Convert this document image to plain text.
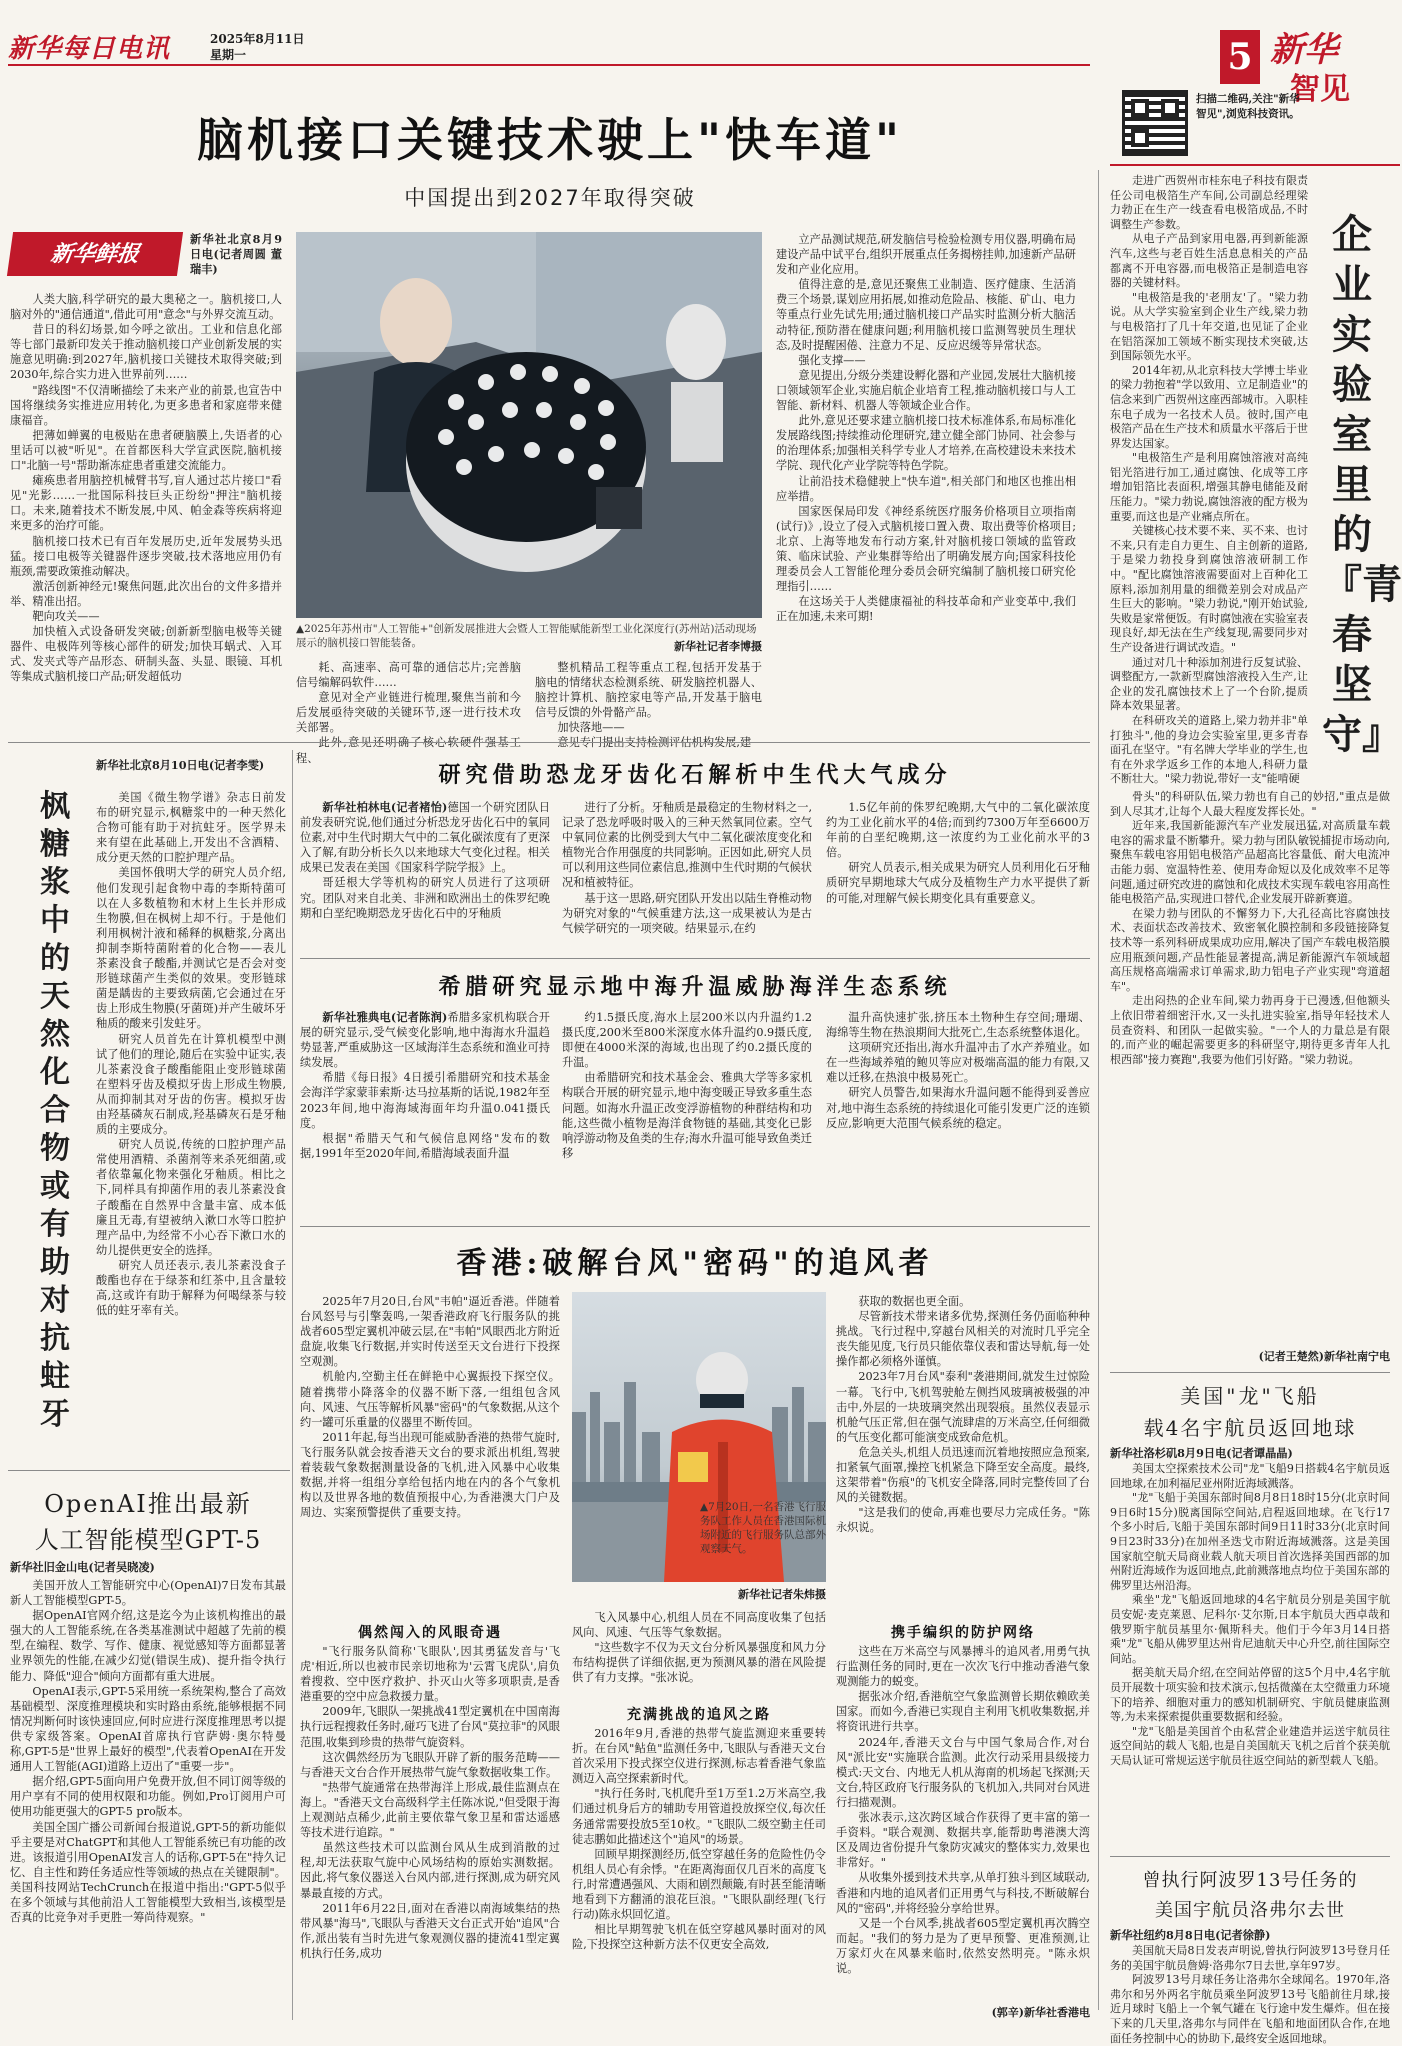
新华每日电讯	2025年8月11日
星期一	5 新华
智见
扫描二维码,关注"新华智见",浏览科技资讯。
脑机接口关键技术驶上"快车道"
中国提出到2027年取得突破
新华鲜报
新华社北京8月9日电(记者周圆 董瑞丰)

人类大脑,科学研究的最大奥秘之一。脑机接口,人脑对外的"通信通道",借此可用"意念"与外界交流互动。

昔日的科幻场景,如今呼之欲出。工业和信息化部等七部门最新印发关于推动脑机接口产业创新发展的实施意见明确:到2027年,脑机接口关键技术取得突破;到2030年,综合实力进入世界前列……

"路线图"不仅清晰描绘了未来产业的前景,也宣告中国将继续务实推进应用转化,为更多患者和家庭带来健康福音。

把薄如蝉翼的电极贴在患者硬脑膜上,失语者的心里话可以被"听见"。在首都医科大学宣武医院,脑机接口"北脑一号"帮助渐冻症患者重建交流能力。

瘫痪患者用脑控机械臂书写,盲人通过芯片接口"看见"光影……一批国际科技巨头正纷纷"押注"脑机接口。未来,随着技术不断发展,中风、帕金森等疾病将迎来更多的治疗可能。

脑机接口技术已有百年发展历史,近年发展势头迅猛。接口电极等关键器件逐步突破,技术落地应用仍有瓶颈,需要政策推动解决。

激活创新神经元!聚焦问题,此次出台的文件多措并举、精准出招。

靶向攻关——

加快植入式设备研发突破;创新新型脑电极等关键器件、电极阵列等核心部件的研发;加快耳蜗式、入耳式、发夹式等产品形态、研制头盔、头显、眼镜、耳机等集成式脑机接口产品;研发超低功

▲2025年苏州市"人工智能+"创新发展推进大会暨人工智能赋能新型工业化深度行(苏州站)活动现场展示的脑机接口智能装备。	新华社记者李博摄

耗、高速率、高可靠的通信芯片;完善脑信号编解码软件……

意见对全产业链进行梳理,聚焦当前和今后发展亟待突破的关键环节,逐一进行技术攻关部署。

程、

整机精品工程等重点工程,包括开发基于脑电的情绪状态检测系统、研发脑控机器人、脑控计算机、脑控家电等产品,开发基于脑电信号反馈的外骨骼产品。

加快落地——

立产品测试规范,研发脑信号检验检测专用仪器,明确布局建设产品中试平台,组织开展重点任务揭榜挂帅,加速新产品研发和产业化应用。

值得注意的是,意见还聚焦工业制造、医疗健康、生活消费三个场景,谋划应用拓展,如推动危险品、核能、矿山、电力等重点行业先试先用;通过脑机接口产品实时监测分析大脑活动特征,预防潜在健康问题;利用脑机接口监测驾驶员生理状态,及时提醒困倦、注意力不足、反应迟缓等异常状态。

强化支撑——

意见提出,分级分类建设孵化器和产业园,发展壮大脑机接口领域领军企业,实施启航企业培育工程,推动脑机接口与人工智能、新材料、机器人等领域企业合作。

此外,意见还要求建立脑机接口技术标准体系,布局标准化发展路线图;持续推动伦理研究,建立健全部门协同、社会参与的治理体系;加强相关科学专业人才培养,在高校建设未来技术学院、现代化产业学院等特色学院。

让前沿技术稳健驶上"快车道",相关部门和地区也推出相应举措。

国家医保局印发《神经系统医疗服务价格项目立项指南(试行)》,设立了侵入式脑机接口置入费、取出费等价格项目;北京、上海等地发布行动方案,针对脑机接口领域的监管政策、临床试验、产业集群等给出了明确发展方向;国家科技伦理委员会人工智能伦理分委员会研究编制了脑机接口研究伦理指引……

在这场关于人类健康福祉的科技革命和产业变革中,我们正在加速,未来可期!

企业实验室里的『青春坚守』

走进广西贺州市桂东电子科技有限责任公司电极箔生产车间,公司副总经理梁力勃正在生产一线查看电极箔成品,不时调整生产参数。

从电子产品到家用电器,再到新能源汽车,这些与老百姓生活息息相关的产品都离不开电容器,而电极箔正是制造电容器的关键材料。

"电极箔是我的'老朋友'了。"梁力勃说。从大学实验室到企业生产线,梁力勃与电极箔打了几十年交道,也见证了企业在铝箔深加工领域不断实现技术突破,达到国际领先水平。

2014年初,从北京科技大学博士毕业的梁力勃抱着"学以致用、立足制造业"的信念来到广西贺州这座西部城市。入职桂东电子成为一名技术人员。彼时,国产电极箔产品在生产技术和质量水平落后于世界发达国家。

"电极箔生产是利用腐蚀溶液对高纯铝光箔进行加工,通过腐蚀、化成等工序增加铝箔比表面积,增强其静电储能及耐压能力。"梁力勃说,腐蚀溶液的配方极为重要,而这也是产业痛点所在。

关键核心技术要不来、买不来、也讨不来,只有走自力更生、自主创新的道路,于是梁力勃投身到腐蚀溶液研制工作中。"配比腐蚀溶液需要面对上百种化工原料,添加剂用量的细微差别会对成品产生巨大的影响。"梁力勃说,"刚开始试验,失败是家常便饭。有时腐蚀液在实验室表现良好,却无法在生产线复现,需要同步对生产设备进行调试改造。"

通过对几十种添加剂进行反复试验、调整配方,一款新型腐蚀溶液投入生产,让企业的发孔腐蚀技术上了一个台阶,提质降本效果显著。

在科研攻关的道路上,梁力勃并非"单打独斗",他的身边会实验室里,更多青春面孔在坚守。"有名牌大学毕业的学生,也有在外求学返乡工作的本地人,科研力量不断壮大。"梁力勃说,带好一支"能啃硬

骨头"的科研队伍,梁力勃也有自己的妙招,"重点是做到人尽其才,让每个人最大程度发挥长处。"

近年来,我国新能源汽车产业发展迅猛,对高质量车载电容的需求量不断攀升。梁力勃与团队敏锐捕捉市场动向,聚焦车载电容用铝电极箔产品超高比容量低、耐大电流冲击能力弱、宽温特性差、使用寿命短以及化成效率不足等问题,通过研究改进的腐蚀和化成技术实现车载电容用高性能电极箔产品,实现进口替代,企业发展开辟新赛道。

在梁力勃与团队的不懈努力下,大孔径高比容腐蚀技术、表面状态改善技术、致密氧化膜控制和多段链接降复技术等一系列科研成果成功应用,解决了国产车载电极箔膜应用瓶颈问题,产品性能显著提高,满足新能源汽车领域超高压规格高端需求订单需求,助力铝电子产业实现"弯道超车"。

走出闷热的企业车间,梁力勃再身于已漫透,但他额头上依旧带着细密汗水,又一头扎进实验室,指导年轻技术人员查资料、和团队一起做实验。"一个人的力量总是有限的,而产业的崛起需要更多的科研坚守,期待更多青年人扎根西部"接力赛跑",我要为他们引好路。"梁力勃说。

(记者王楚然)新华社南宁电
枫糖浆中的天然化合物或有助对抗蛀牙
新华社北京8月10日电(记者李雯)

美国《微生物学谱》杂志日前发布的研究显示,枫糖浆中的一种天然化合物可能有助于对抗蛀牙。医学界未来有望在此基础上,开发出不含酒精、成分更天然的口腔护理产品。

美国怀俄明大学的研究人员介绍,他们发现引起食物中毒的李斯特菌可以在人多数植物和木材上生长并形成生物膜,但在枫树上却不行。于是他们利用枫树汁液和稀释的枫糖浆,分离出抑制李斯特菌附着的化合物——表儿茶素没食子酸酯,并测试它是否会对变形链球菌产生类似的效果。变形链球菌是龋齿的主要致病菌,它会通过在牙齿上形成生物膜(牙菌斑)并产生破坏牙釉质的酸来引发蛀牙。

研究人员首先在计算机模型中测试了他们的理论,随后在实验中证实,表儿茶素没食子酸酯能阻止变形链球菌在塑料牙齿及模拟牙齿上形成生物膜,从而抑制其对牙齿的伤害。模拟牙齿由羟基磷灰石制成,羟基磷灰石是牙釉质的主要成分。

研究人员说,传统的口腔护理产品常使用酒精、杀菌剂等来杀死细菌,或者依靠氟化物来强化牙釉质。相比之下,同样具有抑菌作用的表儿茶素没食子酸酯在自然界中含量丰富、成本低廉且无毒,有望被纳入漱口水等口腔护理产品中,为经常不小心吞下漱口水的幼儿提供更安全的选择。

研究人员还表示,表儿茶素没食子酸酯也存在于绿茶和红茶中,且含量较高,这或许有助于解释为何喝绿茶与较低的蛀牙率有关。

OpenAI推出最新
人工智能模型GPT-5
新华社旧金山电(记者吴晓凌)

美国开放人工智能研究中心(OpenAI)7日发布其最新人工智能模型GPT-5。

据OpenAI官网介绍,这是迄今为止该机构推出的最强大的人工智能系统,在各类基准测试中超越了先前的模型,在编程、数学、写作、健康、视觉感知等方面都显著业界领先的性能,在减少幻觉(错误生成)、提升指令执行能力、降低"迎合"倾向方面都有重大进展。

OpenAI表示,GPT-5采用统一系统架构,整合了高效基础模型、深度推理模块和实时路由系统,能够根据不同情况判断何时该快速回应,何时应进行深度推理思考以提供专家级答案。OpenAI首席执行官萨姆·奥尔特曼称,GPT-5是"世界上最好的模型",代表着OpenAI在开发通用人工智能(AGI)道路上迈出了"重要一步"。

据介绍,GPT-5面向用户免费开放,但不同订阅等级的用户享有不同的使用权限和功能。例如,Pro订阅用户可使用功能更强大的GPT-5 pro版本。

美国全国广播公司新闻台报道说,GPT-5的新功能似乎主要是对ChatGPT和其他人工智能系统已有功能的改进。该报道引用OpenAI发言人的话称,GPT-5在"持久记忆、自主性和跨任务适应性等领域的热点在关键限制"。美国科技网站TechCrunch在报道中指出:"GPT-5似乎在多个领域与其他前沿人工智能模型大致相当,该模型是否真的比竞争对手更胜一筹尚待观察。"

研究借助恐龙牙齿化石解析中生代大气成分

新华社柏林电(记者褚怡)德国一个研究团队日前发表研究说,他们通过分析恐龙牙齿化石中的氧同位素,对中生代时期大气中的二氧化碳浓度有了更深入了解,有助分析长久以来地球大气变化过程。相关成果已发表在美国《国家科学院学报》上。

哥廷根大学等机构的研究人员进行了这项研究。团队对来自北美、非洲和欧洲出土的侏罗纪晚期和白垩纪晚期恐龙牙齿化石中的牙釉质

进行了分析。牙釉质是最稳定的生物材料之一,记录了恐龙呼吸时吸入的三种天然氧同位素。空气中氧同位素的比例受到大气中二氧化碳浓度变化和植物光合作用强度的共同影响。正因如此,研究人员可以利用这些同位素信息,推测中生代时期的气候状况和植被特征。

基于这一思路,研究团队开发出以陆生脊椎动物为研究对象的"气候重建方法,这一成果被认为是古气候学研究的一项突破。结果显示,在约

1.5亿年前的侏罗纪晚期,大气中的二氧化碳浓度约为工业化前水平的4倍;而到约7300万年至6600万年前的白垩纪晚期,这一浓度约为工业化前水平的3倍。

研究人员表示,相关成果为研究人员利用化石牙釉质研究早期地球大气成分及植物生产力水平提供了新的可能,对理解气候长期变化具有重要意义。

希腊研究显示地中海升温威胁海洋生态系统

新华社雅典电(记者陈润)希腊多家机构联合开展的研究显示,受气候变化影响,地中海海水升温趋势显著,严重威胁这一区域海洋生态系统和渔业可持续发展。

希腊《每日报》4日援引希腊研究和技术基金会海洋学家蒙菲索斯·达马拉基斯的话说,1982年至2023年间,地中海海域海面年均升温0.041摄氏度。

根据"希腊天气和气候信息网络"发布的数据,1991年至2020年间,希腊海域表面升温

约1.5摄氏度,海水上层200米以内升温约1.2摄氏度,200米至800米深度水体升温约0.9摄氏度,即便在4000米深的海域,也出现了约0.2摄氏度的升温。

由希腊研究和技术基金会、雅典大学等多家机构联合开展的研究显示,地中海变暖正导致多重生态问题。如海水升温正改变浮游植物的种群结构和功能,这些微小植物是海洋食物链的基础,其变化已影响浮游动物及鱼类的生存;海水升温可能导致鱼类迁移

温升高快速扩张,挤压本土物种生存空间;珊瑚、海绵等生物在热浪期间大批死亡,生态系统整体退化。

这项研究还指出,海水升温冲击了水产养殖业。如在一些海域养殖的鲍贝等应对极端高温的能力有限,又难以迁移,在热浪中极易死亡。

研究人员警告,如果海水升温问题不能得到妥善应对,地中海生态系统的持续退化可能引发更广泛的连锁反应,影响更大范围气候系统的稳定。

香港:破解台风"密码"的追风者

2025年7月20日,台风"韦帕"逼近香港。伴随着台风怒号与引擎轰鸣,一架香港政府飞行服务队的挑战者605型定翼机冲破云层,在"韦帕"风眼西北方附近盘旋,收集飞行数据,并实时传送至天文台进行下投探空观测。

机舱内,空勤主任在鲜艳中心翼振投下探空仪。随着携带小降落伞的仪器不断下落,一组组包含风向、风速、气压等解析风暴"密码"的气象数据,从这个约一罐可乐重量的仪器里不断传回。

2011年起,每当出现可能威胁香港的热带气旋时,飞行服务队就会按香港天文台的要求派出机组,驾驶着装载气象数据测量设备的飞机,进入风暴中心收集数据,并将一组组分享给包括内地在内的各个气象机构以及世界各地的数值预报中心,为香港澳大门户及周边、实案预警提供了重要支持。	▲7月20日,一名香港飞行服务队工作人员在香港国际机场附近的飞行服务队总部外观察天气。
新华社记者朱炜摄

获取的数据也更全面。

尽管新技术带来诸多优势,探测任务仍面临种种挑战。飞行过程中,穿越台风相关的对流时几乎完全丧失能见度,飞行员只能依靠仪表和雷达导航,每一处操作都必须格外谨慎。

2023年7月台风"泰利"袭港期间,就发生过惊险一幕。飞行中,飞机驾驶舱左侧挡风玻璃被极强的冲击中,外层的一块玻璃突然出现裂痕。虽然仪表显示机舱气压正常,但在强气流肆虐的万米高空,任何细微的气压变化都可能演变成致命危机。

危急关头,机组人员迅速而沉着地按照应急预案,扣紧氧气面罩,操控飞机紧急下降至安全高度。最终,这架带着"伤痕"的飞机安全降落,同时完整传回了台风的关键数据。

"这是我们的使命,再难也要尽力完成任务。"陈永炽说。

偶然闯入的风眼奇遇

"飞行服务队简称'飞眼队',因其勇猛发音与'飞虎'相近,所以也被市民亲切地称为'云霄飞虎队',肩负着搜救、空中医疗救护、扑灭山火等多项职责,是香港重要的空中应急救援力量。

2009年,飞眼队一架挑战41型定翼机在中国南海执行远程搜救任务时,碰巧飞进了台风"莫拉菲"的风眼范围,收集到珍贵的热带气旋资料。

这次偶然经历为飞眼队开辟了新的服务范畴——与香港天文台合作开展热带气旋气象数据收集工作。

"热带气旋通常在热带海洋上形成,最佳监测点在海上。"香港天文台高级科学主任陈冰说,"但受限于海上观测站点稀少,此前主要依靠气象卫星和雷达遥感等技术进行追踪。"

虽然这些技术可以监测台风从生成到消散的过程,却无法获取气旋中心风场结构的原始实测数据。因此,将气象仪器送入台风内部,进行探测,成为研究风暴最直接的方式。

2011年6月22日,面对在香港以南海域集结的热带风暴"海马",飞眼队与香港天文台正式开始"追风"合作,派出装有当时先进气象观测仪器的捷流41型定翼机执行任务,成功

飞入风暴中心,机组人员在不同高度收集了包括风向、风速、气压等气象数据。

"这些数字不仅为天文台分析风暴强度和风力分布结构提供了详细依据,更为预测风暴的潜在风险提供了有力支撑。"张冰说。

充满挑战的追风之路

2016年9月,香港的热带气旋监测迎来重要转折。在台风"鲇鱼"监测任务中,飞眼队与香港天文台首次采用下投式探空仪进行探测,标志着香港气象监测迈入高空探索新时代。

"执行任务时,飞机爬升至1万至1.2万米高空,我们通过机身后方的辅助专用管道投放探空仪,每次任务通常需要投放5至10枚。"飞眼队二级空勤主任司徒志鹏如此描述这个"追风"的场景。

回顾早期探测经历,低空穿越任务的危险性仍令机组人员心有余悸。"在距离海面仅几百米的高度飞行,时常遭遇强风、大雨和剧烈颠簸,有时甚至能清晰地看到下方翻涌的浪花巨浪。"飞眼队副经理(飞行行动)陈永炽回忆道。

相比早期驾驶飞机在低空穿越风暴时面对的风险,下投探空这种新方法不仅更安全高效,

携手编织的防护网络

这些在万米高空与风暴搏斗的追风者,用勇气执行监测任务的同时,更在一次次飞行中推动香港气象观测能力的蜕变。

据张冰介绍,香港航空气象监测曾长期依赖欧美国家。而如今,香港已实现自主利用飞机收集数据,并将资讯进行共享。

2024年,香港天文台与中国气象局合作,对台风"派比安"实施联合监测。此次行动采用县级接力模式:天文台、内地无人机从海南的机场起飞探测;天文台,特区政府飞行服务队的飞机加入,共同对台风进行扫描观测。

张冰表示,这次跨区域合作获得了更丰富的第一手资料。"联合观测、数据共享,能帮助粤港澳大湾区及周边省份提升气象防灾减灾的整体实力,效果也非常好。"

从收集外援到技术共享,从单打独斗到区域联动,香港和内地的追风者们正用勇气与科技,不断破解台风的"密码",并将经验分享给世界。

又是一个台风季,挑战者605型定翼机再次腾空而起。"我们的努力是为了更早预警、更准预测,让万家灯火在风暴来临时,依然安然明亮。"陈永炽说。

(郭辛)新华社香港电
美国"龙"飞船
载4名宇航员返回地球
新华社洛杉矶8月9日电(记者谭晶晶)

美国太空探索技术公司"龙"飞船9日搭载4名宇航员返回地球,在加利福尼亚州附近海域溅落。

"龙"飞船于美国东部时间8月8日18时15分(北京时间9日6时15分)脱离国际空间站,启程返回地球。在飞行17个多小时后,飞船于美国东部时间9日11时33分(北京时间9日23时33分)在加州圣迭戈市附近海域溅落。这是美国国家航空航天局商业载人航天项目首次选择美国西部的加州附近海域作为返回地点,此前溅落地点均位于美国东部的佛罗里达州沿海。

乘坐"龙"飞船返回地球的4名宇航员分别是美国宇航员安妮·麦克莱恩、尼科尔·艾尔斯,日本宇航员大西卓哉和俄罗斯宇航员基里尔·佩斯科夫。他们于今年3月14日搭乘"龙"飞船从佛罗里达州肯尼迪航天中心升空,前往国际空间站。

据美航天局介绍,在空间站停留的这5个月中,4名宇航员开展数十项实验和技术演示,包括微藻在太空微重力环境下的培养、细胞对重力的感知机制研究、宇航员健康监测等,为未来探索提供重要数据和经验。

"龙"飞船是美国首个由私营企业建造并运送宇航员往返空间站的载人飞船,也是自美国航天飞机之后首个获美航天局认证可常规运送宇航员往返空间站的新型载人飞船。

曾执行阿波罗13号任务的
美国宇航员洛弗尔去世
新华社纽约8月8日电(记者徐静)

美国航天局8日发表声明说,曾执行阿波罗13号登月任务的美国宇航员詹姆·洛弗尔7日去世,享年97岁。

阿波罗13号月球任务让洛弗尔全球闻名。1970年,洛弗尔和另外两名宇航员乘坐阿波罗13号飞船前往月球,接近月球时飞船上一个氧气罐在飞行途中发生爆炸。但在接下来的几天里,洛弗尔与同伴在飞船和地面团队合作,在地面任务控制中心的协助下,最终安全返回地球。
